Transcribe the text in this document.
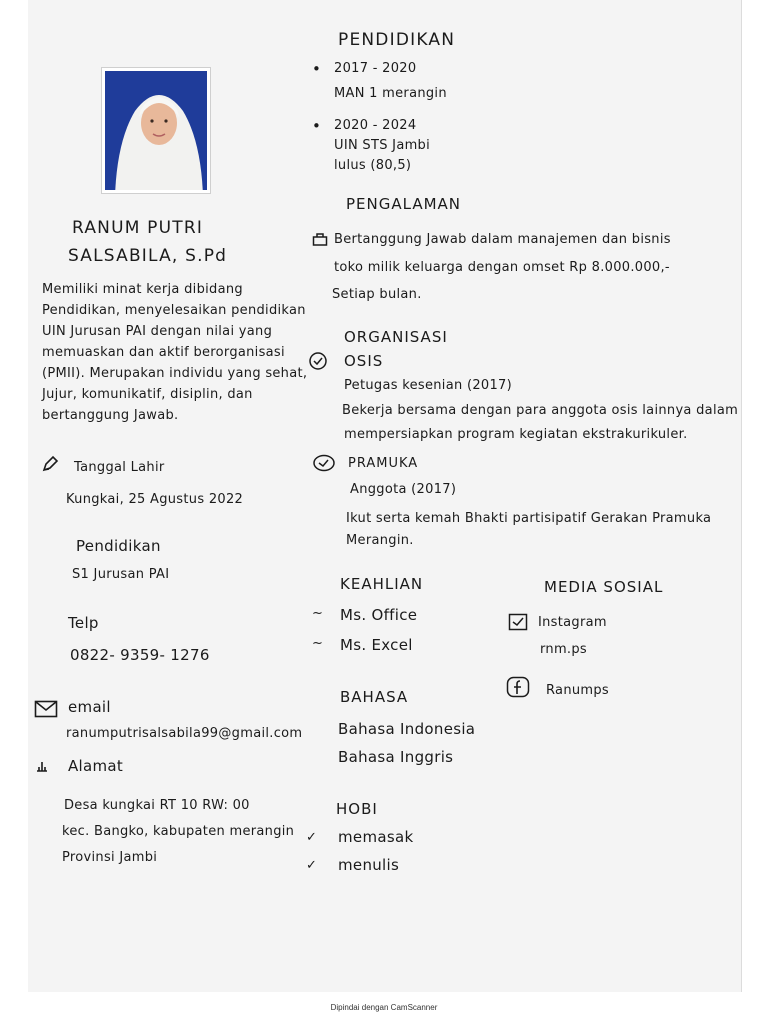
RANUM PUTRI
SALSABILA, S.Pd
Memiliki minat kerja dibidang
Pendidikan, menyelesaikan pendidikan
UIN Jurusan PAI dengan nilai yang
memuaskan dan aktif berorganisasi
(PMII). Merupakan individu yang sehat,
Jujur, komunikatif, disiplin, dan
bertanggung Jawab.
Tanggal Lahir
Kungkai, 25 Agustus 2022
Pendidikan
S1 Jurusan PAI
Telp
0822- 9359- 1276
email
ranumputrisalsabila99@gmail.com
Alamat
Desa kungkai RT 10 RW: 00
kec. Bangko, kabupaten merangin
Provinsi Jambi
PENDIDIKAN
• 2017 - 2020
MAN 1 merangin
• 2020 - 2024
UIN STS Jambi
lulus (80,5)
PENGALAMAN
Bertanggung Jawab dalam manajemen dan bisnis
toko milik keluarga dengan omset Rp 8.000.000,-
Setiap bulan.
ORGANISASI
OSIS
Petugas kesenian (2017)
Bekerja bersama dengan para anggota osis lainnya dalam
mempersiapkan program kegiatan ekstrakurikuler.
PRAMUKA
Anggota (2017)
Ikut serta kemah Bhakti partisipatif Gerakan Pramuka
Merangin.
KEAHLIAN
~ Ms. Office
~ Ms. Excel
MEDIA SOSIAL
Instagram
rnm.ps
Ranumps
BAHASA
Bahasa Indonesia
Bahasa Inggris
HOBI
✓ memasak
✓ menulis
Dipindai dengan CamScanner
